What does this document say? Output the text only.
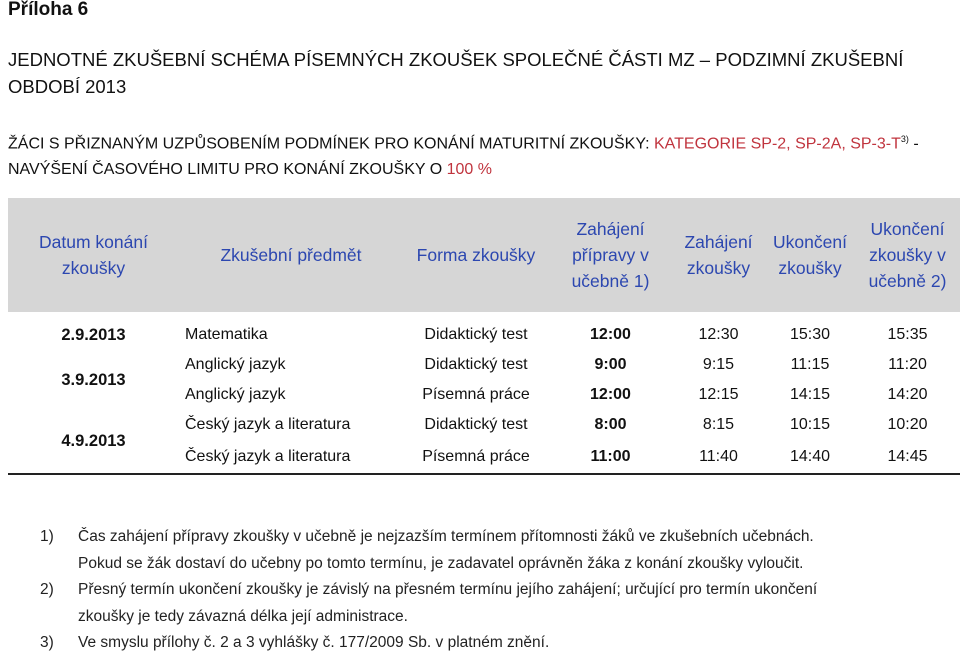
Příloha 6
JEDNOTNÉ ZKUŠEBNÍ SCHÉMA PÍSEMNÝCH ZKOUŠEK SPOLEČNÉ ČÁSTI MZ – PODZIMNÍ ZKUŠEBNÍ OBDOBÍ 2013
ŽÁCI S PŘIZNANÝM UZPŮSOBENÍM PODMÍNEK PRO KONÁNÍ MATURITNÍ ZKOUŠKY: KATEGORIE SP-2, SP-2A, $SP-3-T^{3)}$ - NAVÝŠENÍ ČASOVÉHO LIMITU PRO KONÁNÍ ZKOUŠKY O 100 %
Datum konání zkoušky	Zkušební předmět	Forma zkoušky	Zahájení přípravy v učebně 1)	Zahájení zkoušky	Ukončení zkoušky	Ukončení zkoušky v učebně 2)

2.9.2013	Matematika	Didaktický test	12:00	12:30	15:30	15:35
3.9.2013	Anglický jazyk	Didaktický test	9:00	9:15	11:15	11:20
	Anglický jazyk	Písemná práce	12:00	12:15	14:15	14:20
4.9.2013	Český jazyk a literatura	Didaktický test	8:00	8:15	10:15	10:20
	Český jazyk a literatura	Písemná práce	11:00	11:40	14:40	14:45
1)	Čas zahájení přípravy zkoušky v učebně je nejzazším termínem přítomnosti žáků ve zkušebních učebnách.
Pokud se žák dostaví do učebny po tomto termínu, je zadavatel oprávněn žáka z konání zkoušky vyloučit.
2)	Přesný termín ukončení zkoušky je závislý na přesném termínu jejího zahájení; určující pro termín ukončení
zkoušky je tedy závazná délka její administrace.
3)	Ve smyslu přílohy č. 2 a 3 vyhlášky č. 177/2009 Sb. v platném znění.
